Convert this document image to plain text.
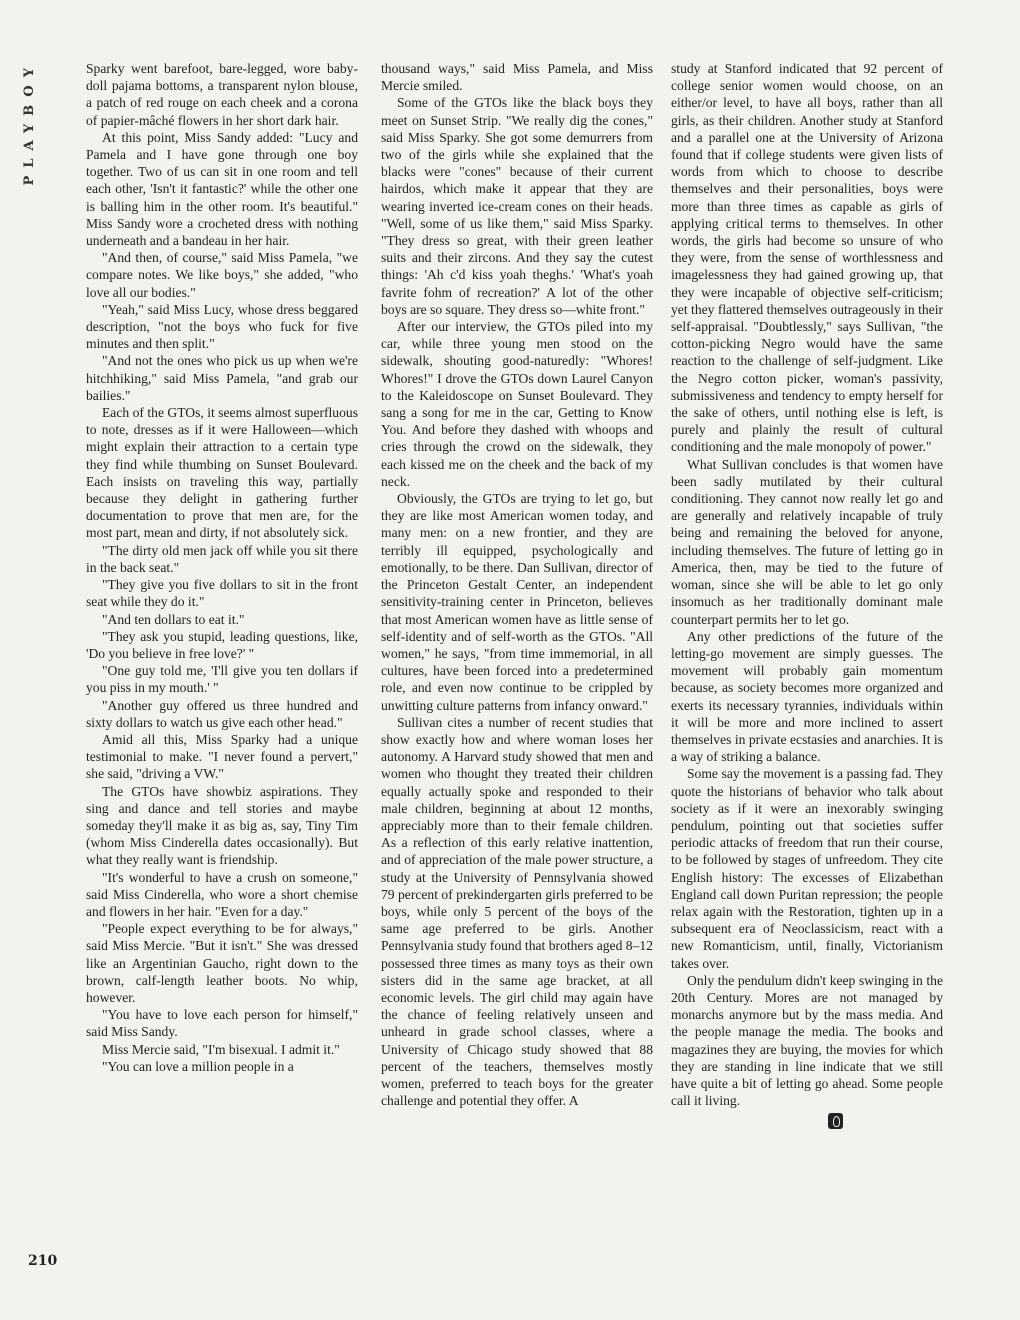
PLAYBOY	Sparky went barefoot, bare-legged, wore baby-doll pajama bottoms, a transparent nylon blouse, a patch of red rouge on each cheek and a corona of papier-mâché flowers in her short dark hair.

At this point, Miss Sandy added: "Lucy and Pamela and I have gone through one boy together. Two of us can sit in one room and tell each other, 'Isn't it fantastic?' while the other one is balling him in the other room. It's beautiful." Miss Sandy wore a crocheted dress with nothing underneath and a bandeau in her hair.

"And then, of course," said Miss Pamela, "we compare notes. We like boys," she added, "who love all our bodies."

"Yeah," said Miss Lucy, whose dress beggared description, "not the boys who fuck for five minutes and then split."

"And not the ones who pick us up when we're hitchhiking," said Miss Pamela, "and grab our bailies."

Each of the GTOs, it seems almost superfluous to note, dresses as if it were Halloween—which might explain their attraction to a certain type they find while thumbing on Sunset Boulevard. Each insists on traveling this way, partially because they delight in gathering further documentation to prove that men are, for the most part, mean and dirty, if not absolutely sick.

"The dirty old men jack off while you sit there in the back seat."

"They give you five dollars to sit in the front seat while they do it."

"And ten dollars to eat it."

"They ask you stupid, leading questions, like, 'Do you believe in free love?' "

"One guy told me, 'I'll give you ten dollars if you piss in my mouth.' "

"Another guy offered us three hundred and sixty dollars to watch us give each other head."

Amid all this, Miss Sparky had a unique testimonial to make. "I never found a pervert," she said, "driving a VW."

The GTOs have showbiz aspirations. They sing and dance and tell stories and maybe someday they'll make it as big as, say, Tiny Tim (whom Miss Cinderella dates occasionally). But what they really want is friendship.

"It's wonderful to have a crush on someone," said Miss Cinderella, who wore a short chemise and flowers in her hair. "Even for a day."

"People expect everything to be for always," said Miss Mercie. "But it isn't." She was dressed like an Argentinian Gaucho, right down to the brown, calf-length leather boots. No whip, however.

"You have to love each person for himself," said Miss Sandy.

Miss Mercie said, "I'm bisexual. I admit it."

"You can love a million people in a

thousand ways," said Miss Pamela, and Miss Mercie smiled.

Some of the GTOs like the black boys they meet on Sunset Strip. "We really dig the cones," said Miss Sparky. She got some demurrers from two of the girls while she explained that the blacks were "cones" because of their current hairdos, which make it appear that they are wearing inverted ice-cream cones on their heads. "Well, some of us like them," said Miss Sparky. "They dress so great, with their green leather suits and their zircons. And they say the cutest things: 'Ah c'd kiss yoah theghs.' 'What's yoah favrite fohm of recreation?' A lot of the other boys are so square. They dress so—white front."

After our interview, the GTOs piled into my car, while three young men stood on the sidewalk, shouting good-naturedly: "Whores! Whores!" I drove the GTOs down Laurel Canyon to the Kaleidoscope on Sunset Boulevard. They sang a song for me in the car, Getting to Know You. And before they dashed with whoops and cries through the crowd on the sidewalk, they each kissed me on the cheek and the back of my neck.

Obviously, the GTOs are trying to let go, but they are like most American women today, and many men: on a new frontier, and they are terribly ill equipped, psychologically and emotionally, to be there. Dan Sullivan, director of the Princeton Gestalt Center, an independent sensitivity-training center in Princeton, believes that most American women have as little sense of self-identity and of self-worth as the GTOs. "All women," he says, "from time immemorial, in all cultures, have been forced into a predetermined role, and even now continue to be crippled by unwitting culture patterns from infancy onward."

Sullivan cites a number of recent studies that show exactly how and where woman loses her autonomy. A Harvard study showed that men and women who thought they treated their children equally actually spoke and responded to their male children, beginning at about 12 months, appreciably more than to their female children. As a reflection of this early relative inattention, and of appreciation of the male power structure, a study at the University of Pennsylvania showed 79 percent of prekindergarten girls preferred to be boys, while only 5 percent of the boys of the same age preferred to be girls. Another Pennsylvania study found that brothers aged 8–12 possessed three times as many toys as their own sisters did in the same age bracket, at all economic levels. The girl child may again have the chance of feeling relatively unseen and unheard in grade school classes, where a University of Chicago study showed that 88 percent of the teachers, themselves mostly women, preferred to teach boys for the greater challenge and potential they offer. A

study at Stanford indicated that 92 percent of college senior women would choose, on an either/or level, to have all boys, rather than all girls, as their children. Another study at Stanford and a parallel one at the University of Arizona found that if college students were given lists of words from which to choose to describe themselves and their personalities, boys were more than three times as capable as girls of applying critical terms to themselves. In other words, the girls had become so unsure of who they were, from the sense of worthlessness and imagelessness they had gained growing up, that they were incapable of objective self-criticism; yet they flattered themselves outrageously in their self-appraisal. "Doubtlessly," says Sullivan, "the cotton-picking Negro would have the same reaction to the challenge of self-judgment. Like the Negro cotton picker, woman's passivity, submissiveness and tendency to empty herself for the sake of others, until nothing else is left, is purely and plainly the result of cultural conditioning and the male monopoly of power."

What Sullivan concludes is that women have been sadly mutilated by their cultural conditioning. They cannot now really let go and are generally and relatively incapable of truly being and remaining the beloved for anyone, including themselves. The future of letting go in America, then, may be tied to the future of woman, since she will be able to let go only insomuch as her traditionally dominant male counterpart permits her to let go.

Any other predictions of the future of the letting-go movement are simply guesses. The movement will probably gain momentum because, as society becomes more organized and exerts its necessary tyrannies, individuals within it will be more and more inclined to assert themselves in private ecstasies and anarchies. It is a way of striking a balance.

Some say the movement is a passing fad. They quote the historians of behavior who talk about society as if it were an inexorably swinging pendulum, pointing out that societies suffer periodic attacks of freedom that run their course, to be followed by stages of unfreedom. They cite English history: The excesses of Elizabethan England call down Puritan repression; the people relax again with the Restoration, tighten up in a subsequent era of Neoclassicism, react with a new Romanticism, until, finally, Victorianism takes over.

Only the pendulum didn't keep swinging in the 20th Century. Mores are not managed by monarchs anymore but by the mass media. And the people manage the media. The books and magazines they are buying, the movies for which they are standing in line indicate that we still have quite a bit of letting go ahead. Some people call it living.

210
